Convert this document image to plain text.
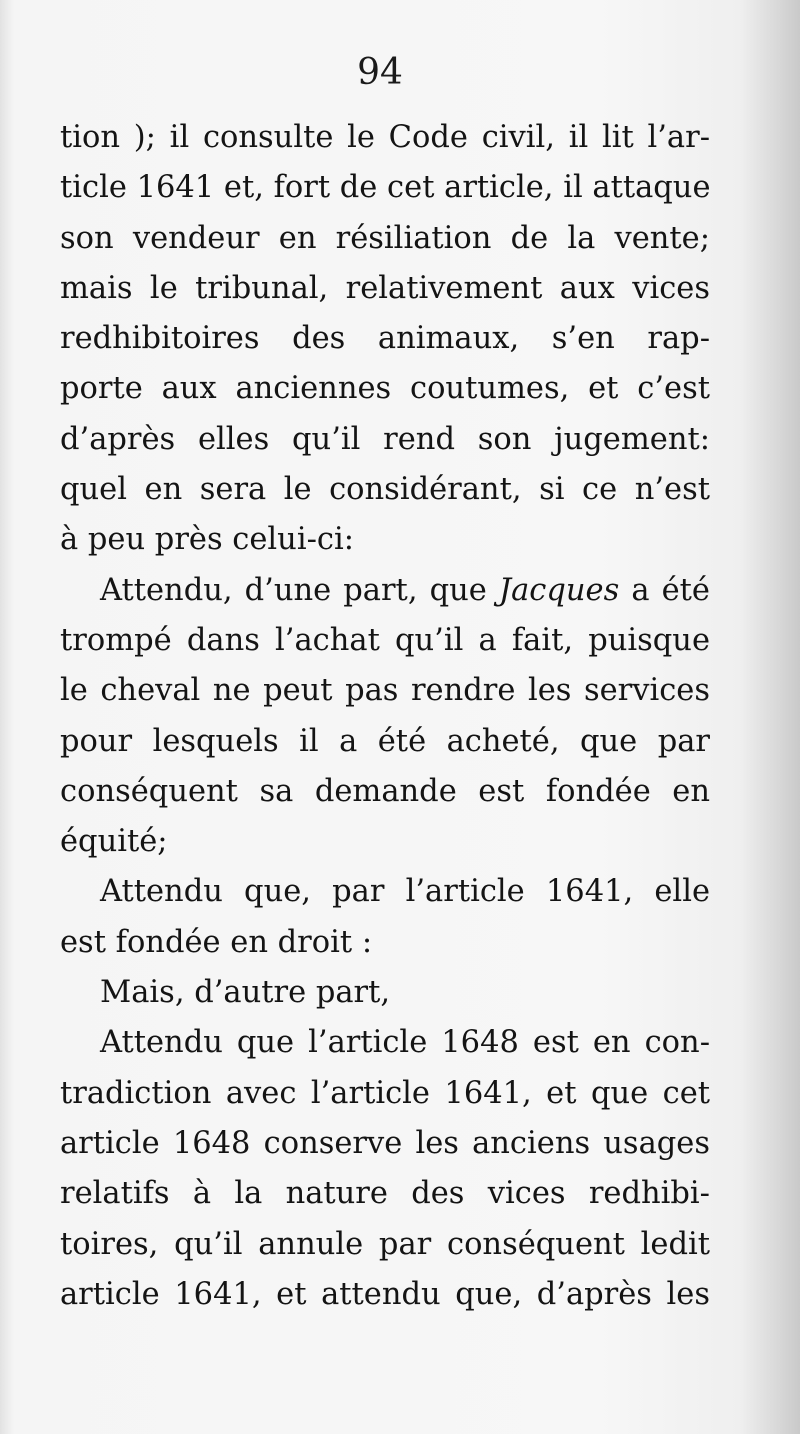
94
tion ); il consulte le Code civil, il lit l’ar-
ticle 1641 et, fort de cet article, il attaque
son vendeur en résiliation de la vente;
mais le tribunal, relativement aux vices
redhibitoires des animaux, s’en rap-
porte aux anciennes coutumes, et c’est
d’après elles qu’il rend son jugement:
quel en sera le considérant, si ce n’est
à peu près celui-ci:
Attendu, d’une part, que Jacques a été
trompé dans l’achat qu’il a fait, puisque
le cheval ne peut pas rendre les services
pour lesquels il a été acheté, que par
conséquent sa demande est fondée en
équité;
Attendu que, par l’article 1641, elle
est fondée en droit :
Mais, d’autre part,
Attendu que l’article 1648 est en con-
tradiction avec l’article 1641, et que cet
article 1648 conserve les anciens usages
relatifs à la nature des vices redhibi-
toires, qu’il annule par conséquent ledit
article 1641, et attendu que, d’après les
